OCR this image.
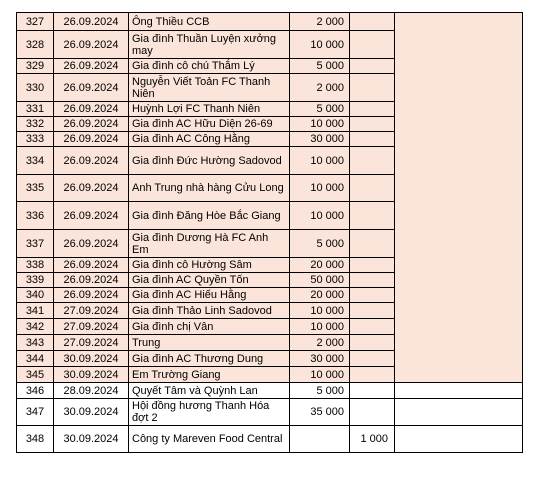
327	26.09.2024	Ông Thiều CCB	2 000		
328	26.09.2024	Gia đình Thuần Luyện xưởng may	10 000		
329	26.09.2024	Gia đình cô chú Thắm Lý	5 000		
330	26.09.2024	Nguyễn Viết Toản FC Thanh Niên	2 000		
331	26.09.2024	Huỳnh Lợi FC Thanh Niên	5 000		
332	26.09.2024	Gia đình AC Hữu Diện 26-69	10 000		
333	26.09.2024	Gia đình AC Công Hằng	30 000		
334	26.09.2024	Gia đình Đức Hường Sadovod	10 000		
335	26.09.2024	Anh Trung nhà hàng Cửu Long	10 000		
336	26.09.2024	Gia đình Đăng Hòe Bắc Giang	10 000		
337	26.09.2024	Gia đình Dương Hà FC Anh Em	5 000		
338	26.09.2024	Gia đình cô Hường Sâm	20 000		
339	26.09.2024	Gia đình AC Quyền Tốn	50 000		
340	26.09.2024	Gia đình AC Hiếu Hằng	20 000		
341	27.09.2024	Gia đình Thảo Linh Sadovod	10 000		
342	27.09.2024	Gia đình chị Vân	10 000		
343	27.09.2024	Trung	2 000		
344	30.09.2024	Gia đình AC Thương Dung	30 000		
345	30.09.2024	Em Trường Giang	10 000		
346	28.09.2024	Quyết Tâm và Quỳnh Lan	5 000		
347	30.09.2024	Hội đồng hương Thanh Hóa đợt 2	35 000		
348	30.09.2024	Công ty Mareven Food Central		1 000	
